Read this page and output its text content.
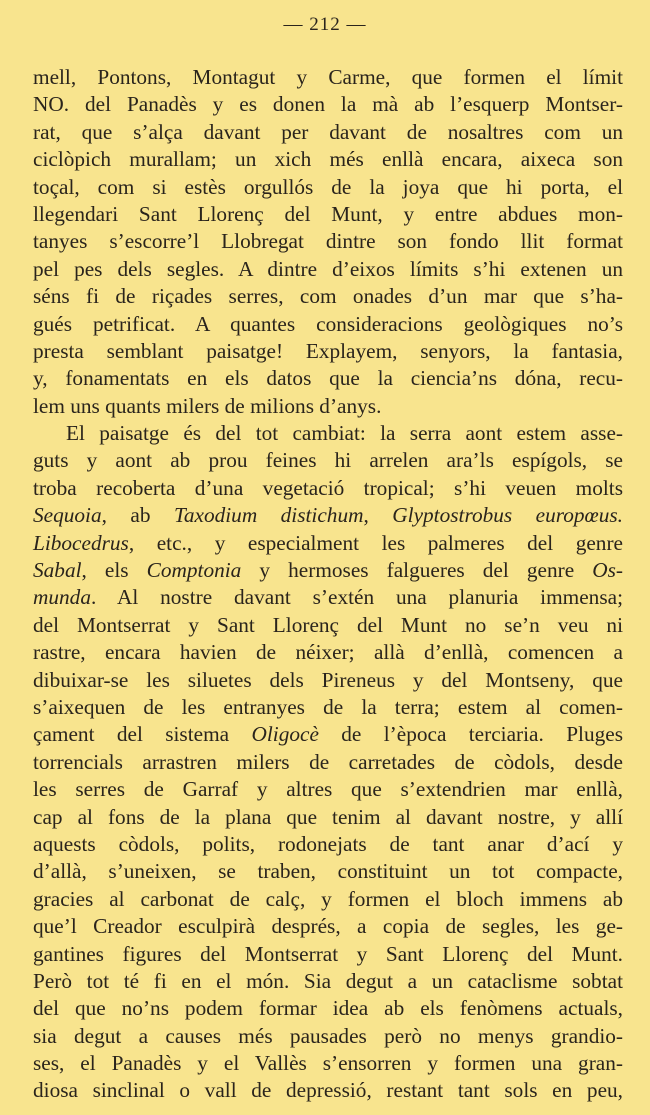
— 212 —
mell, Pontons, Montagut y Carme, que formen el límit
NO. del Panadès y es donen la mà ab l’esquerp Montser-
rat, que s’alça davant per davant de nosaltres com un
ciclòpich murallam; un xich més enllà encara, aixeca son
toçal, com si estès orgullós de la joya que hi porta, el
llegendari Sant Llorenç del Munt, y entre abdues mon-
tanyes s’escorre’l Llobregat dintre son fondo llit format
pel pes dels segles. A dintre d’eixos límits s’hi extenen un
séns fi de riçades serres, com onades d’un mar que s’ha-
gués petrificat. A quantes consideracions geològiques no’s
presta semblant paisatge! Explayem, senyors, la fantasia,
y, fonamentats en els datos que la ciencia’ns dóna, recu-
lem uns quants milers de milions d’anys.
El paisatge és del tot cambiat: la serra aont estem asse-
guts y aont ab prou feines hi arrelen ara’ls espígols, se
troba recoberta d’una vegetació tropical; s’hi veuen molts
Sequoia, ab Taxodium distichum, Glyptostrobus europœus.
Libocedrus, etc., y especialment les palmeres del genre
Sabal, els Comptonia y hermoses falgueres del genre Os-
munda. Al nostre davant s’extén una planuria immensa;
del Montserrat y Sant Llorenç del Munt no se’n veu ni
rastre, encara havien de néixer; allà d’enllà, comencen a
dibuixar-se les siluetes dels Pireneus y del Montseny, que
s’aixequen de les entranyes de la terra; estem al comen-
çament del sistema Oligocè de l’època terciaria. Pluges
torrencials arrastren milers de carretades de còdols, desde
les serres de Garraf y altres que s’extendrien mar enllà,
cap al fons de la plana que tenim al davant nostre, y allí
aquests còdols, polits, rodonejats de tant anar d’ací y
d’allà, s’uneixen, se traben, constituint un tot compacte,
gracies al carbonat de calç, y formen el bloch immens ab
que’l Creador esculpirà després, a copia de segles, les ge-
gantines figures del Montserrat y Sant Llorenç del Munt.
Però tot té fi en el món. Sia degut a un cataclisme sobtat
del que no’ns podem formar idea ab els fenòmens actuals,
sia degut a causes més pausades però no menys grandio-
ses, el Panadès y el Vallès s’ensorren y formen una gran-
diosa sinclinal o vall de depressió, restant tant sols en peu,
